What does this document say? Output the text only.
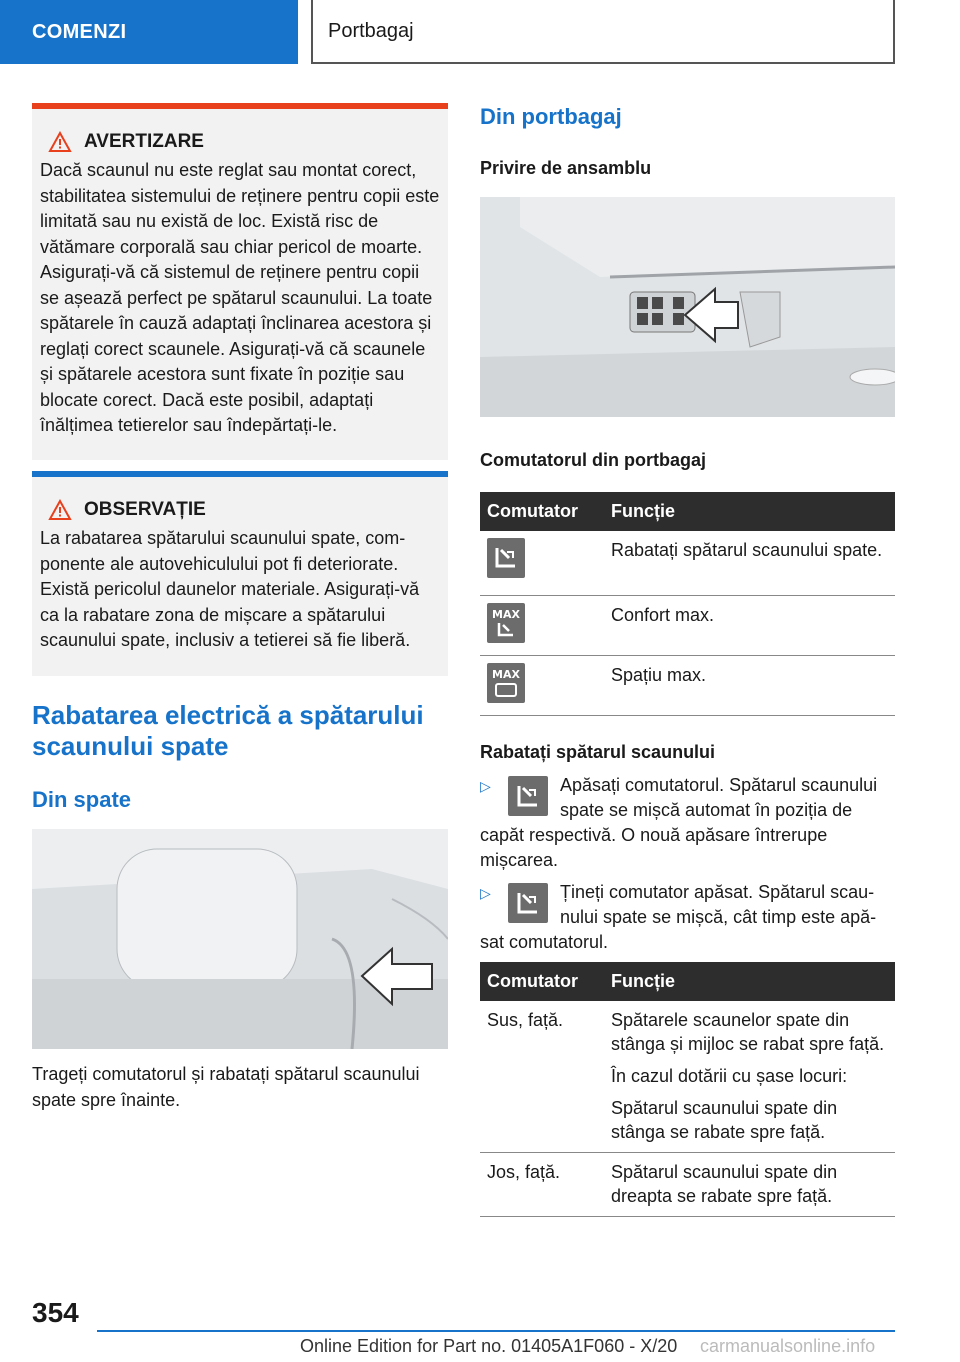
COMENZI	Portbagaj
AVERTIZARE
Dacă scaunul nu este reglat sau montat corect, stabilitatea sistemului de reținere pentru copii este limitată sau nu există de loc. Există risc de vătămare corporală sau chiar pericol de moarte. Asigurați-vă că sistemul de reținere pentru copii se așează perfect pe spătarul scaunului. La toate spătarele în cauză adaptați înclinarea acestora și reglați corect scaunele. Asigurați-vă că scaunele și spătarele acestora sunt fixate în poziție sau blocate corect. Dacă este posibil, adaptați înălțimea tetierelor sau îndepărtați-le.
OBSERVAȚIE
La rabatarea spătarului scaunului spate, com-ponente ale autovehiculului pot fi deteriorate. Există pericolul daunelor materiale. Asigurați-vă ca la rabatare zona de mișcare a spătarului scaunului spate, inclusiv a tetierei să fie liberă.
Rabatarea electrică a spătarului scaunului spate
Din spate
Trageți comutatorul și rabatați spătarul scaunului spate spre înainte.
Din portbagaj
Privire de ansamblu
Comutatorul din portbagaj
Comutator	Funcție

	Rabatați spătarul scaunului spate.

MAX	Confort max.

MAX	Spațiu max.
Rabatați spătarul scaunului
▷	Apăsați comutatorul. Spătarul scaunului spate se mișcă automat în poziția de capăt respectivă. O nouă apăsare întrerupe mișcarea.
▷	Țineți comutator apăsat. Spătarul scau-nului spate se mișcă, cât timp este apă-sat comutatorul.
Comutator	Funcție
Sus, față.	Spătarele scaunelor spate din stânga și mijloc se rabat spre față.
În cazul dotării cu șase locuri:
Spătarul scaunului spate din stânga se rabate spre față.

Jos, față.	Spătarul scaunului spate din dreapta se rabate spre față.
354
Online Edition for Part no. 01405A1F060 - X/20 carmanualsonline.info
